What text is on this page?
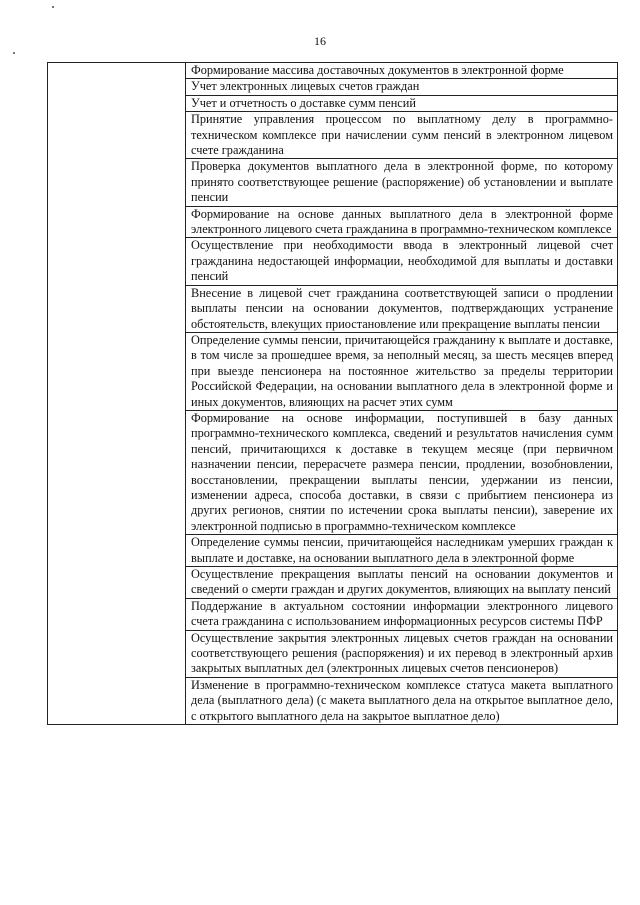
16
	Формирование массива доставочных документов в электронной форме
Учет электронных лицевых счетов граждан
Учет и отчетность о доставке сумм пенсий
Принятие управления процессом по выплатному делу в программно-техническом комплексе при начислении сумм пенсий в электронном лицевом счете гражданина
Проверка документов выплатного дела в электронной форме, по которому принято соответствующее решение (распоряжение) об установлении и выплате пенсии
Формирование на основе данных выплатного дела в электронной форме электронного лицевого счета гражданина в программно-техническом комплексе
Осуществление при необходимости ввода в электронный лицевой счет гражданина недостающей информации, необходимой для выплаты и доставки пенсий
Внесение в лицевой счет гражданина соответствующей записи о продлении выплаты пенсии на основании документов, подтверждающих устранение обстоятельств, влекущих приостановление или прекращение выплаты пенсии
Определение суммы пенсии, причитающейся гражданину к выплате и доставке, в том числе за прошедшее время, за неполный месяц, за шесть месяцев вперед при выезде пенсионера на постоянное жительство за пределы территории Российской Федерации, на основании выплатного дела в электронной форме и иных документов, влияющих на расчет этих сумм
Формирование на основе информации, поступившей в базу данных программно-технического комплекса, сведений и результатов начисления сумм пенсий, причитающихся к доставке в текущем месяце (при первичном назначении пенсии, перерасчете размера пенсии, продлении, возобновлении, восстановлении, прекращении выплаты пенсии, удержании из пенсии, изменении адреса, способа доставки, в связи с прибытием пенсионера из других регионов, снятии по истечении срока выплаты пенсии), заверение их электронной подписью в программно-техническом комплексе
Определение суммы пенсии, причитающейся наследникам умерших граждан к выплате и доставке, на основании выплатного дела в электронной форме
Осуществление прекращения выплаты пенсий на основании документов и сведений о смерти граждан и других документов, влияющих на выплату пенсий
Поддержание в актуальном состоянии информации электронного лицевого счета гражданина с использованием информационных ресурсов системы ПФР
Осуществление закрытия электронных лицевых счетов граждан на основании соответствующего решения (распоряжения) и их перевод в электронный архив закрытых выплатных дел (электронных лицевых счетов пенсионеров)
Изменение в программно-техническом комплексе статуса макета выплатного дела (выплатного дела) (с макета выплатного дела на открытое выплатное дело, с открытого выплатного дела на закрытое выплатное дело)
